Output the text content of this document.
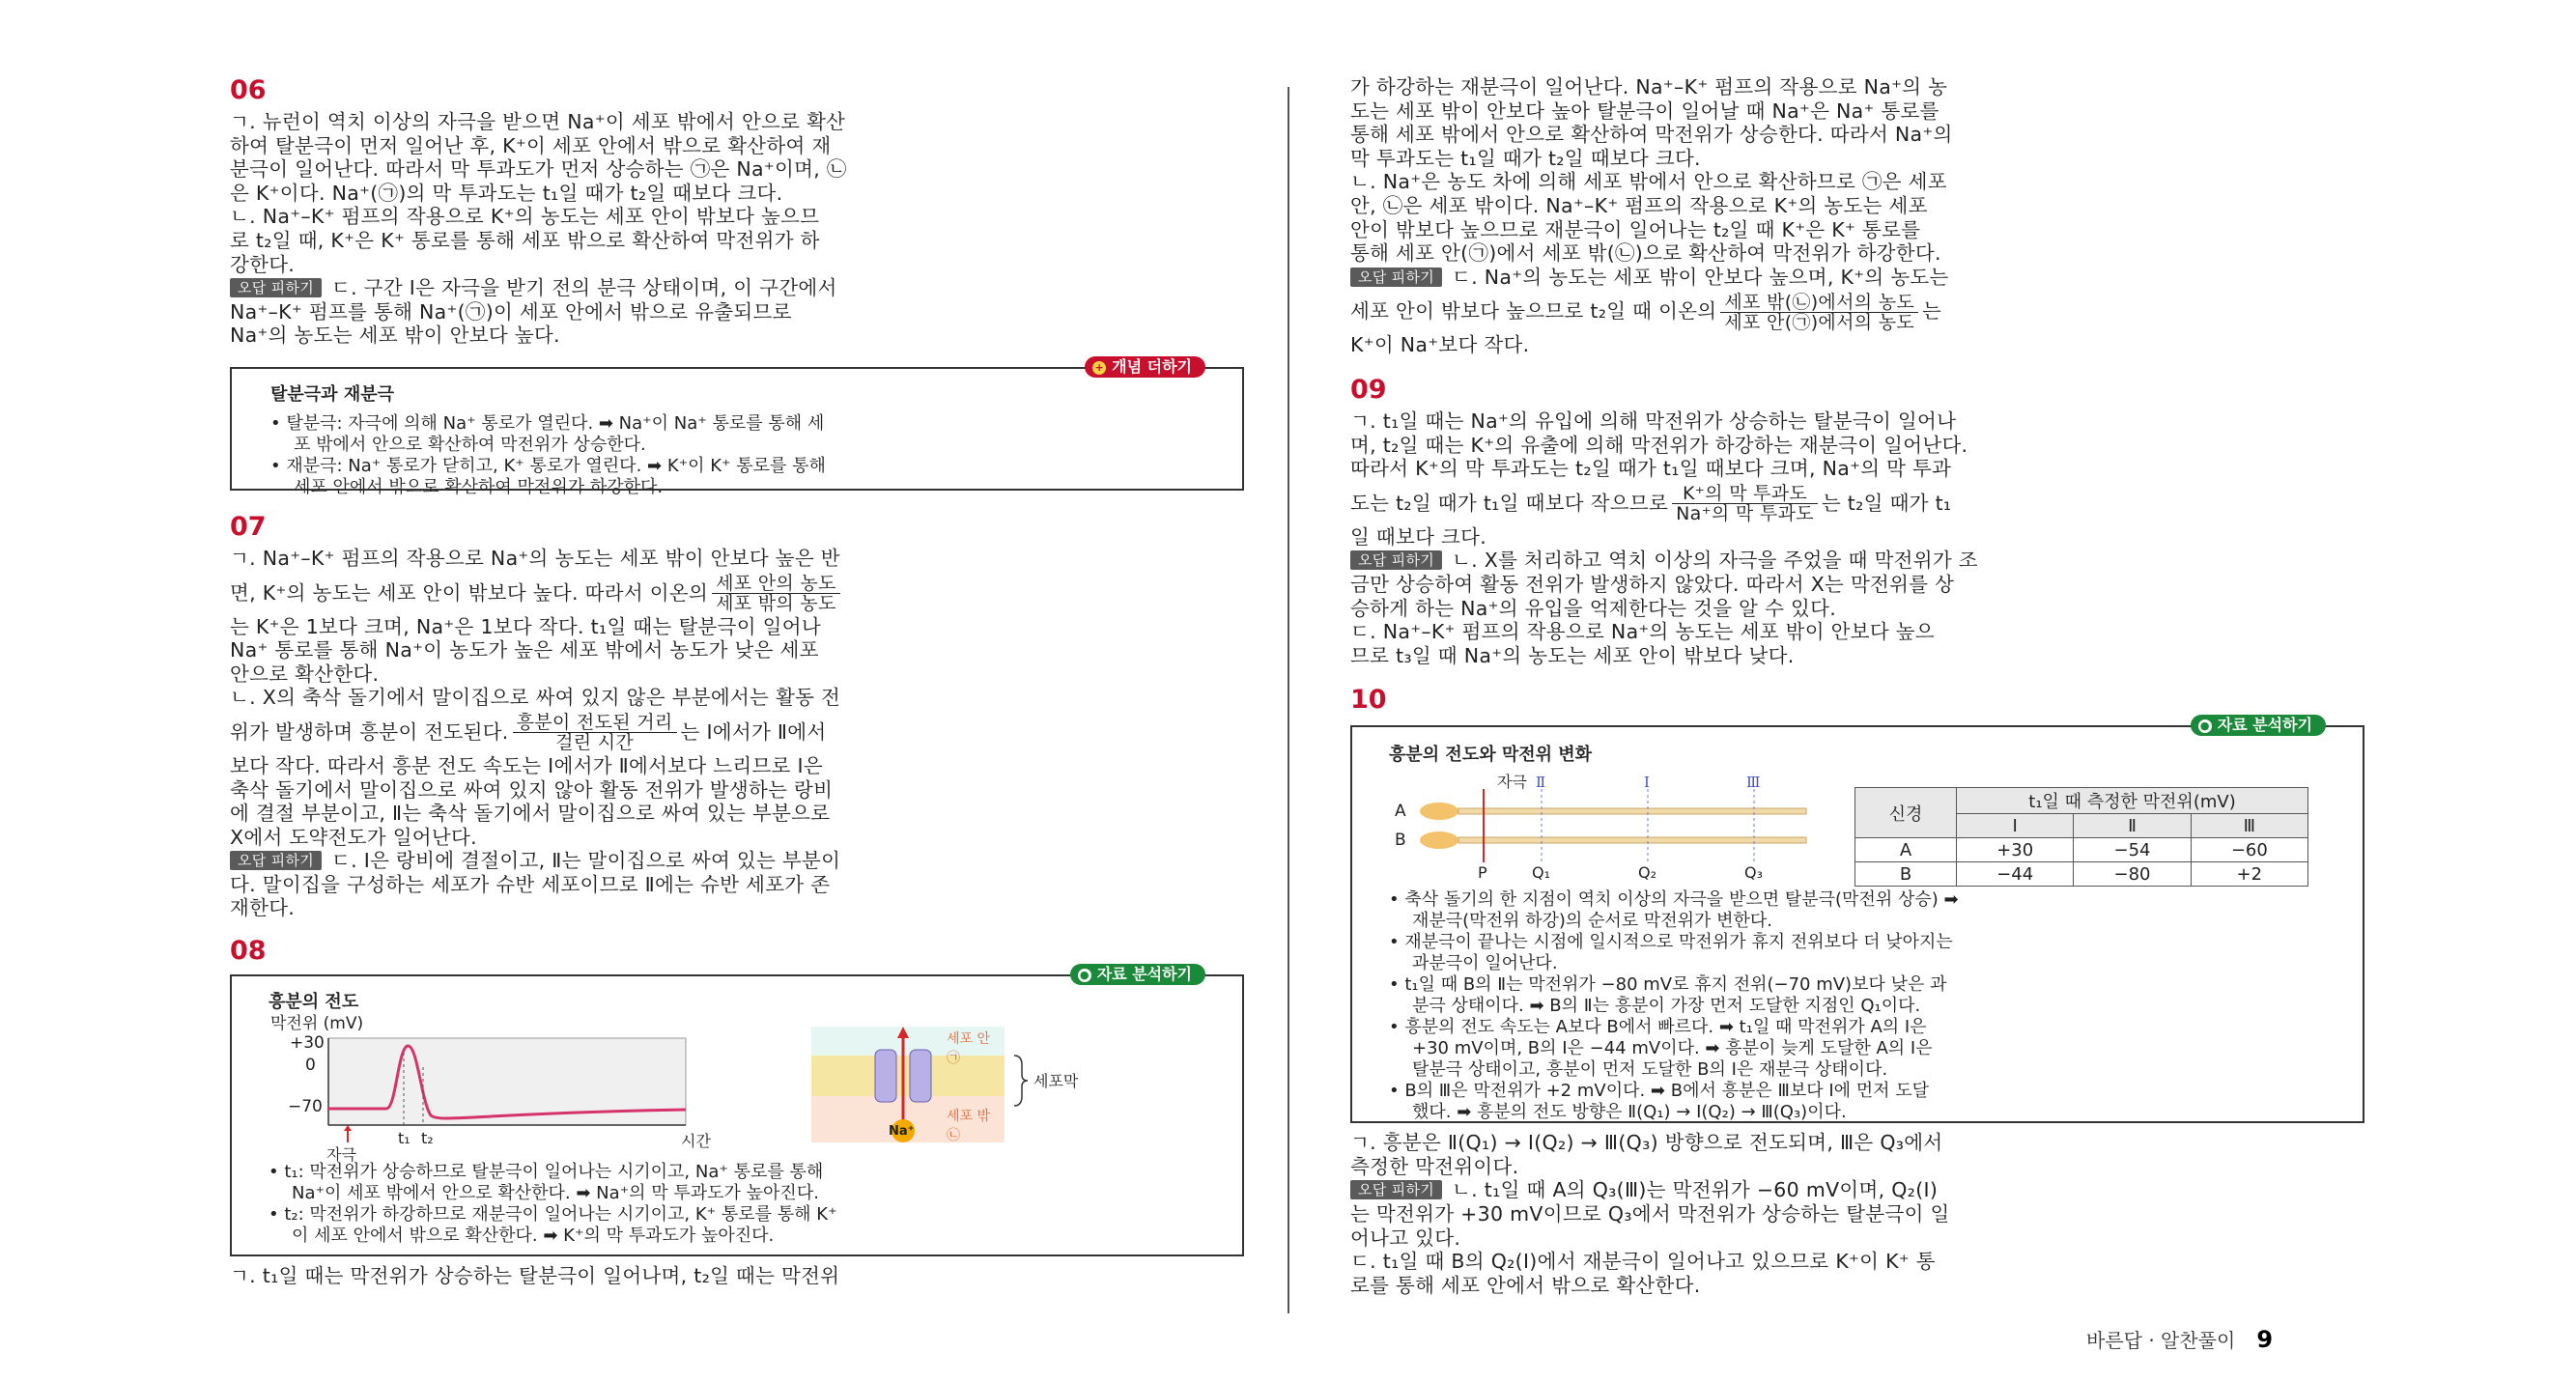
06

ㄱ. 뉴런이 역치 이상의 자극을 받으면 Na⁺이 세포 밖에서 안으로 확산

하여 탈분극이 먼저 일어난 후, K⁺이 세포 안에서 밖으로 확산하여 재

분극이 일어난다. 따라서 막 투과도가 먼저 상승하는 ㉠은 Na⁺이며, ㉡

은 K⁺이다. Na⁺(㉠)의 막 투과도는 t₁일 때가 t₂일 때보다 크다.

ㄴ. Na⁺–K⁺ 펌프의 작용으로 K⁺의 농도는 세포 안이 밖보다 높으므

로 t₂일 때, K⁺은 K⁺ 통로를 통해 세포 밖으로 확산하여 막전위가 하

강한다.

오답 피하기 ㄷ. 구간 Ⅰ은 자극을 받기 전의 분극 상태이며, 이 구간에서

Na⁺–K⁺ 펌프를 통해 Na⁺(㉠)이 세포 안에서 밖으로 유출되므로

Na⁺의 농도는 세포 밖이 안보다 높다.

+ 개념 더하기
탈분극과 재분극

• 탈분극: 자극에 의해 Na⁺ 통로가 열린다. ➡ Na⁺이 Na⁺ 통로를 통해 세

포 밖에서 안으로 확산하여 막전위가 상승한다.

• 재분극: Na⁺ 통로가 닫히고, K⁺ 통로가 열린다. ➡ K⁺이 K⁺ 통로를 통해

세포 안에서 밖으로 확산하여 막전위가 하강한다.

07

ㄱ. Na⁺–K⁺ 펌프의 작용으로 Na⁺의 농도는 세포 밖이 안보다 높은 반

면, K⁺의 농도는 세포 안이 밖보다 높다. 따라서 이온의 $\frac{\text{세포 안의 농도}}{\text{세포 밖의 농도}}$

는 K⁺은 1보다 크며, Na⁺은 1보다 작다. t₁일 때는 탈분극이 일어나

Na⁺ 통로를 통해 Na⁺이 농도가 높은 세포 밖에서 농도가 낮은 세포

안으로 확산한다.

ㄴ. X의 축삭 돌기에서 말이집으로 싸여 있지 않은 부분에서는 활동 전

위가 발생하며 흥분이 전도된다. $\frac{\text{흥분이 전도된 거리}}{\text{걸린 시간}}$ 는 Ⅰ에서가 Ⅱ에서

보다 작다. 따라서 흥분 전도 속도는 Ⅰ에서가 Ⅱ에서보다 느리므로 Ⅰ은

축삭 돌기에서 말이집으로 싸여 있지 않아 활동 전위가 발생하는 랑비

에 결절 부분이고, Ⅱ는 축삭 돌기에서 말이집으로 싸여 있는 부분으로

X에서 도약전도가 일어난다.

오답 피하기 ㄷ. Ⅰ은 랑비에 결절이고, Ⅱ는 말이집으로 싸여 있는 부분이

다. 말이집을 구성하는 세포가 슈반 세포이므로 Ⅱ에는 슈반 세포가 존

재한다.

08
● 자료 분석하기
흥분의 전도
막전위 (mV)
+30
0
−70
자극
t₁ t₂	시간
Na⁺
세포 안 ㉠
세포 밖 ㉡
세포막

• t₁: 막전위가 상승하므로 탈분극이 일어나는 시기이고, Na⁺ 통로를 통해

Na⁺이 세포 밖에서 안으로 확산한다. ➡ Na⁺의 막 투과도가 높아진다.

• t₂: 막전위가 하강하므로 재분극이 일어나는 시기이고, K⁺ 통로를 통해 K⁺

이 세포 안에서 밖으로 확산한다. ➡ K⁺의 막 투과도가 높아진다.

ㄱ. t₁일 때는 막전위가 상승하는 탈분극이 일어나며, t₂일 때는 막전위

가 하강하는 재분극이 일어난다. Na⁺–K⁺ 펌프의 작용으로 Na⁺의 농

도는 세포 밖이 안보다 높아 탈분극이 일어날 때 Na⁺은 Na⁺ 통로를

통해 세포 밖에서 안으로 확산하여 막전위가 상승한다. 따라서 Na⁺의

막 투과도는 t₁일 때가 t₂일 때보다 크다.

ㄴ. Na⁺은 농도 차에 의해 세포 밖에서 안으로 확산하므로 ㉠은 세포

안, ㉡은 세포 밖이다. Na⁺–K⁺ 펌프의 작용으로 K⁺의 농도는 세포

안이 밖보다 높으므로 재분극이 일어나는 t₂일 때 K⁺은 K⁺ 통로를

통해 세포 안(㉠)에서 세포 밖(㉡)으로 확산하여 막전위가 하강한다.

오답 피하기 ㄷ. Na⁺의 농도는 세포 밖이 안보다 높으며, K⁺의 농도는

세포 안이 밖보다 높으므로 t₂일 때 이온의 $\frac{\text{세포 밖(㉡)에서의 농도}}{\text{세포 안(㉠)에서의 농도}}$ 는

K⁺이 Na⁺보다 작다.

09

ㄱ. t₁일 때는 Na⁺의 유입에 의해 막전위가 상승하는 탈분극이 일어나

며, t₂일 때는 K⁺의 유출에 의해 막전위가 하강하는 재분극이 일어난다.

따라서 K⁺의 막 투과도는 t₂일 때가 t₁일 때보다 크며, Na⁺의 막 투과

도는 t₂일 때가 t₁일 때보다 작으므로 $\frac{\text{K⁺의 막 투과도}}{\text{Na⁺의 막 투과도}}$ 는 t₂일 때가 t₁

일 때보다 크다.

오답 피하기 ㄴ. X를 처리하고 역치 이상의 자극을 주었을 때 막전위가 조

금만 상승하여 활동 전위가 발생하지 않았다. 따라서 X는 막전위를 상

승하게 하는 Na⁺의 유입을 억제한다는 것을 알 수 있다.

ㄷ. Na⁺–K⁺ 펌프의 작용으로 Na⁺의 농도는 세포 밖이 안보다 높으

므로 t₃일 때 Na⁺의 농도는 세포 안이 밖보다 낮다.

10
● 자료 분석하기
흥분의 전도와 막전위 변화
A
B
자극 Ⅱ	Ⅰ	Ⅲ
P	Q₁	Q₂	Q₃
신경	t₁일 때 측정한 막전위(mV)		
	Ⅰ	Ⅱ	Ⅲ
A	+30	−54	−60
B	−44	−80	+2

• 축삭 돌기의 한 지점이 역치 이상의 자극을 받으면 탈분극(막전위 상승) ➡

재분극(막전위 하강)의 순서로 막전위가 변한다.

• 재분극이 끝나는 시점에 일시적으로 막전위가 휴지 전위보다 더 낮아지는

과분극이 일어난다.

• t₁일 때 B의 Ⅱ는 막전위가 −80 mV로 휴지 전위(−70 mV)보다 낮은 과

분극 상태이다. ➡ B의 Ⅱ는 흥분이 가장 먼저 도달한 지점인 Q₁이다.

• 흥분의 전도 속도는 A보다 B에서 빠르다. ➡ t₁일 때 막전위가 A의 Ⅰ은

+30 mV이며, B의 Ⅰ은 −44 mV이다. ➡ 흥분이 늦게 도달한 A의 Ⅰ은

탈분극 상태이고, 흥분이 먼저 도달한 B의 Ⅰ은 재분극 상태이다.

• B의 Ⅲ은 막전위가 +2 mV이다. ➡ B에서 흥분은 Ⅲ보다 Ⅰ에 먼저 도달

했다. ➡ 흥분의 전도 방향은 Ⅱ(Q₁) → Ⅰ(Q₂) → Ⅲ(Q₃)이다.

ㄱ. 흥분은 Ⅱ(Q₁) → Ⅰ(Q₂) → Ⅲ(Q₃) 방향으로 전도되며, Ⅲ은 Q₃에서

측정한 막전위이다.

오답 피하기 ㄴ. t₁일 때 A의 Q₃(Ⅲ)는 막전위가 −60 mV이며, Q₂(Ⅰ)

는 막전위가 +30 mV이므로 Q₃에서 막전위가 상승하는 탈분극이 일

어나고 있다.

ㄷ. t₁일 때 B의 Q₂(Ⅰ)에서 재분극이 일어나고 있으므로 K⁺이 K⁺ 통

로를 통해 세포 안에서 밖으로 확산한다.

바른답 · 알찬풀이 9
